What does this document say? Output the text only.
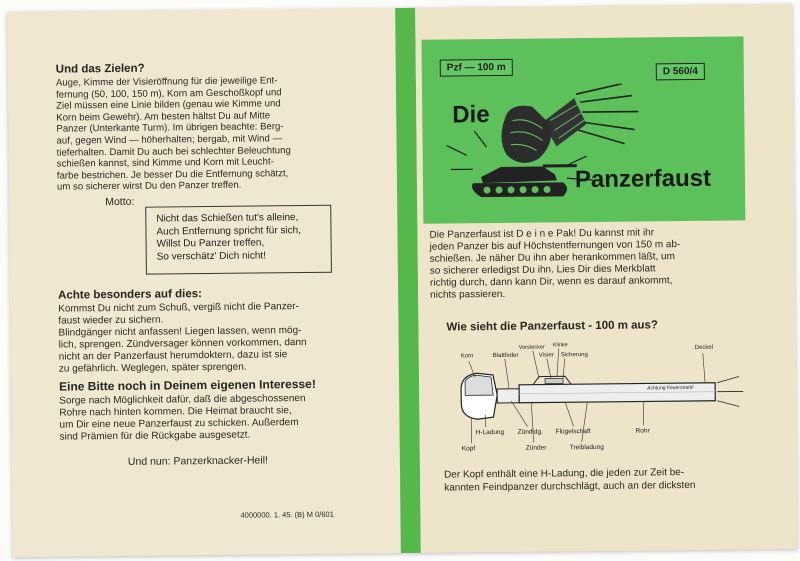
Und das Zielen?
Auge, Kimme der Visieröffnung für die jeweilige Ent-
fernung (50, 100, 150 m), Korn am Geschoßkopf und
Ziel müssen eine Linie bilden (genau wie Kimme und
Korn beim Gewehr). Am besten hältst Du auf Mitte
Panzer (Unterkante Turm). Im übrigen beachte: Berg-
auf, gegen Wind — höherhalten; bergab, mit Wind —
tieferhalten. Damit Du auch bei schlechter Beleuchtung
schießen kannst, sind Kimme und Korn mit Leucht-
farbe bestrichen. Je besser Du die Entfernung schätzt,
um so sicherer wirst Du den Panzer treffen.
Motto:
Nicht das Schießen tut's alleine,
Auch Entfernung spricht für sich,
Willst Du Panzer treffen,
So verschätz' Dich nicht!
Achte besonders auf dies:
Kommst Du nicht zum Schuß, vergiß nicht die Panzer-
faust wieder zu sichern.
Blindgänger nicht anfassen! Liegen lassen, wenn mög-
lich, sprengen. Zündversager können vorkommen, dann
nicht an der Panzerfaust herumdoktern, dazu ist sie
zu gefährlich. Weglegen, später sprengen.
Eine Bitte noch in Deinem eigenen Interesse!
Sorge nach Möglichkeit dafür, daß die abgeschossenen
Rohre nach hinten kommen. Die Heimat braucht sie,
um Dir eine neue Panzerfaust zu schicken. Außerdem
sind Prämien für die Rückgabe ausgesetzt.
Und nun: Panzerknacker-Heil!
4000000. 1. 45. (B) M 0/601
Pzf — 100 m	D 560/4
Die
Panzerfaust
Die Panzerfaust ist D e i n e Pak! Du kannst mit ihr
jeden Panzer bis auf Höchstentfernungen von 150 m ab-
schießen. Je näher Du ihn aber herankommen läßt, um
so sicherer erledigst Du ihn. Lies Dir dies Merkblatt
richtig durch, dann kann Dir, wenn es darauf ankommt,
nichts passieren.
Wie sieht die Panzerfaust - 100 m aus?
Korn	Blattfeder
Vorstecker
Visier
Klinke
Sicherung
Deckel
Achtung Feuerstrahl!
Kopf
H-Ladung Zündidg. Flügelschaft
Zünder	Treibladung
Rohr
Der Kopf enthält eine H-Ladung, die jeden zur Zeit be-
kannten Feindpanzer durchschlägt, auch an der dicksten
